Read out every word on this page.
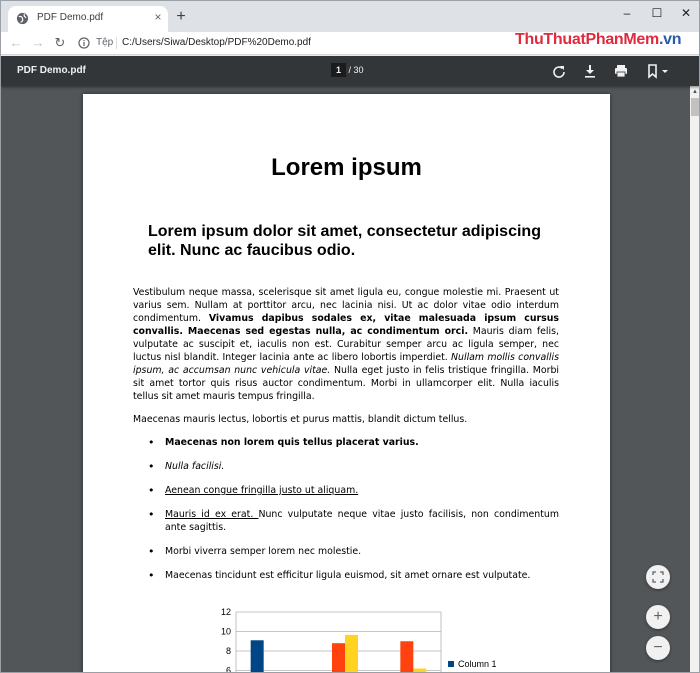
PDF Demo.pdf	× +	–	☐	✕
← → ↻	Tệp C:/Users/Siwa/Desktop/PDF%20Demo.pdf	ThuThuatPhanMem.vn
PDF Demo.pdf	1 / 30
▲
Lorem ipsum
Lorem ipsum dolor sit amet, consectetur adipiscing elit. Nunc ac faucibus odio.

Vestibulum neque massa, scelerisque sit amet ligula eu, congue molestie mi. Praesent ut varius sem. Nullam at porttitor arcu, nec lacinia nisi. Ut ac dolor vitae odio interdum condimentum. Vivamus dapibus sodales ex, vitae malesuada ipsum cursus convallis. Maecenas sed egestas nulla, ac condimentum orci. Mauris diam felis, vulputate ac suscipit et, iaculis non est. Curabitur semper arcu ac ligula semper, nec luctus nisl blandit. Integer lacinia ante ac libero lobortis imperdiet. Nullam mollis convallis ipsum, ac accumsan nunc vehicula vitae. Nulla eget justo in felis tristique fringilla. Morbi sit amet tortor quis risus auctor condimentum. Morbi in ullamcorper elit. Nulla iaculis tellus sit amet mauris tempus fringilla.

Maecenas mauris lectus, lobortis et purus mattis, blandit dictum tellus.

• Maecenas non lorem quis tellus placerat varius.
• Nulla facilisi.
• Aenean congue fringilla justo ut aliquam.
• Mauris id ex erat. Nunc vulputate neque vitae justo facilisis, non condimentum ante sagittis.
• Morbi viverra semper lorem nec molestie.
• Maecenas tincidunt est efficitur ligula euismod, sit amet ornare est vulputate.
12
10
8
6
Column 1
+
−
